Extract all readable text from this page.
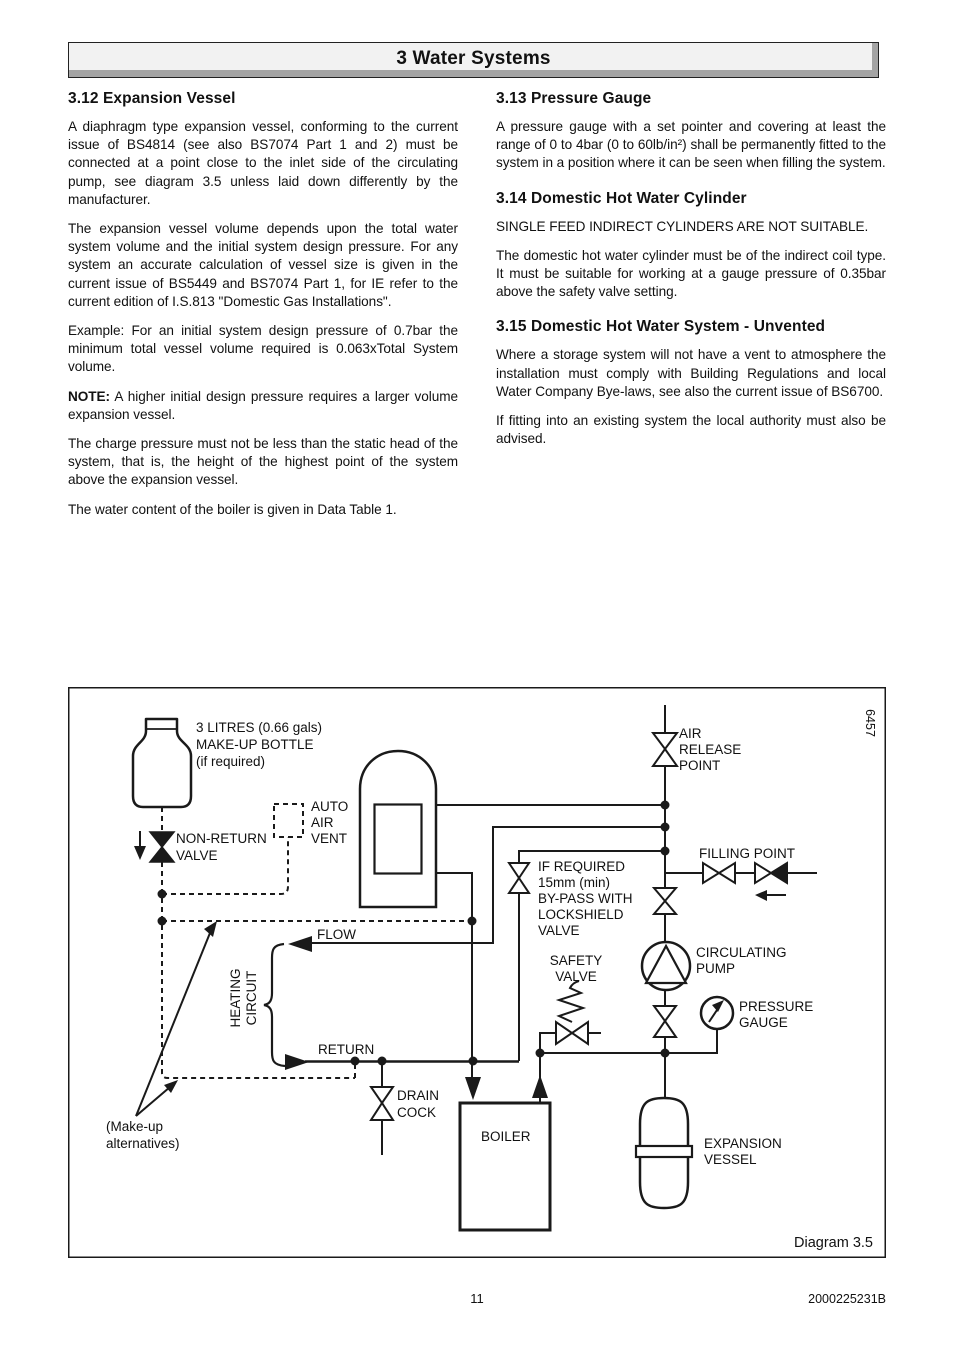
3 Water Systems
3.12 Expansion Vessel

A diaphragm type expansion vessel, conforming to the current issue of BS4814 (see also BS7074 Part 1 and 2) must be connected at a point close to the inlet side of the circulating pump, see diagram 3.5 unless laid down differently by the manufacturer.

The expansion vessel volume depends upon the total water system volume and the initial system design pressure. For any system an accurate calculation of vessel size is given in the current issue of BS5449 and BS7074 Part 1, for IE refer to the current edition of I.S.813 "Domestic Gas Installations".

Example: For an initial system design pressure of 0.7bar the minimum total vessel volume required is 0.063xTotal System volume.

NOTE: A higher initial design pressure requires a larger volume expansion vessel.

The charge pressure must not be less than the static head of the system, that is, the height of the highest point of the system above the expansion vessel.

The water content of the boiler is given in Data Table 1.

3.13 Pressure Gauge

A pressure gauge with a set pointer and covering at least the range of 0 to 4bar (0 to 60lb/in²) shall be permanently fitted to the system in a position where it can be seen when filling the system.

3.14 Domestic Hot Water Cylinder

SINGLE FEED INDIRECT CYLINDERS ARE NOT SUITABLE.

The domestic hot water cylinder must be of the indirect coil type. It must be suitable for working at a gauge pressure of 0.35bar above the safety valve setting.

3.15 Domestic Hot Water System - Unvented

Where a storage system will not have a vent to atmosphere the installation must comply with Building Regulations and local Water Company Bye-laws, see also the current issue of BS6700.

If fitting into an existing system the local authority must also be advised.

3 LITRES (0.66 gals)
MAKE-UP BOTTLE
(if required)
NON-RETURN
VALVE
AUTO
AIR
VENT
AIR
RELEASE
POINT
FILLING POINT
IF REQUIRED
15mm (min)
BY-PASS WITH
LOCKSHIELD
VALVE
CIRCULATING
PUMP
PRESSURE
GAUGE
SAFETY
VALVE
EXPANSION
VESSEL
FLOW
RETURN
HEATING CIRCUIT
DRAIN
COCK
BOILER
(Make-up
alternatives)
Diagram 3.5
6457
11	2000225231B
